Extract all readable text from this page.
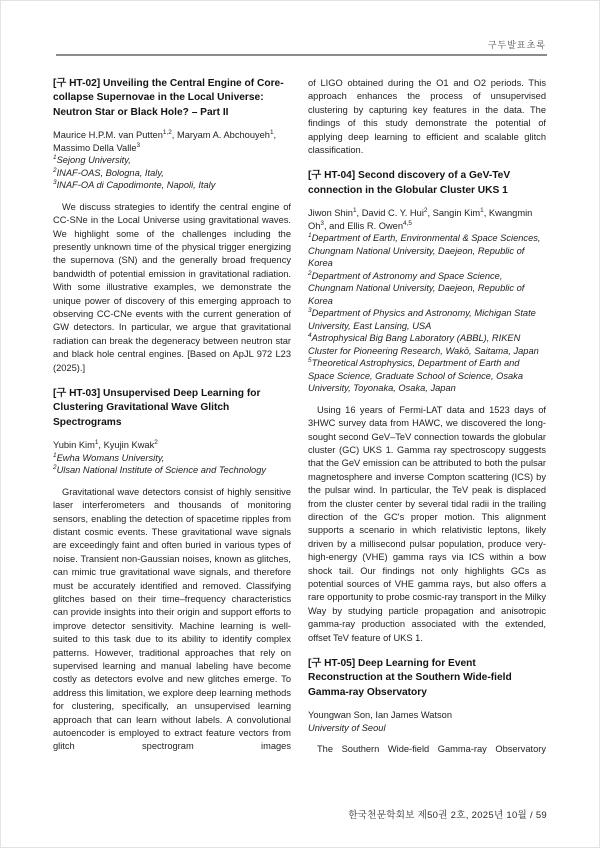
구두발표초록
[구 HT-02] Unveiling the Central Engine of Core-collapse Supernovae in the Local Universe: Neutron Star or Black Hole? – Part II
Maurice H.P.M. van Putten$^{1,2}$, Maryam A. Abchouyeh$^1$, Massimo Della Valle$^3$
$^1$Sejong University,
$^2$INAF-OAS, Bologna, Italy,
$^3$INAF-OA di Capodimonte, Napoli, Italy
We discuss strategies to identify the central engine of CC-SNe in the Local Universe using gravitational waves. We highlight some of the challenges including the presently unknown time of the physical trigger energizing the supernova (SN) and the generally broad frequency bandwidth of potential emission in gravitational radiation. With some illustrative examples, we demonstrate the unique power of discovery of this emerging approach to observing CC-CNe events with the current generation of GW detectors. In particular, we argue that gravitational radiation can break the degeneracy between neutron star and black hole central engines. [Based on ApJL 972 L23 (2025).]
[구 HT-03] Unsupervised Deep Learning for Clustering Gravitational Wave Glitch Spectrograms
Yubin Kim$^1$, Kyujin Kwak$^2$
$^1$Ewha Womans University,
$^2$Ulsan National Institute of Science and Technology
Gravitational wave detectors consist of highly sensitive laser interferometers and thousands of monitoring sensors, enabling the detection of spacetime ripples from distant cosmic events. These gravitational wave signals are exceedingly faint and often buried in various types of noise. Transient non-Gaussian noises, known as glitches, can mimic true gravitational wave signals, and therefore must be accurately identified and removed. Classifying glitches based on their time–frequency characteristics can provide insights into their origin and support efforts to improve detector sensitivity. Machine learning is well-suited to this task due to its ability to identify complex patterns. However, traditional approaches that rely on supervised learning and manual labeling have become costly as detectors evolve and new glitches emerge. To address this limitation, we explore deep learning methods for clustering, specifically, an unsupervised learning approach that can learn without labels. A convolutional autoencoder is employed to extract feature vectors from glitch spectrogram images
of LIGO obtained during the O1 and O2 periods. This approach enhances the process of unsupervised clustering by capturing key features in the data. The findings of this study demonstrate the potential of applying deep learning to efficient and scalable glitch classification.
[구 HT-04] Second discovery of a GeV-TeV connection in the Globular Cluster UKS 1
Jiwon Shin$^1$, David C. Y. Hui$^2$, Sangin Kim$^1$, Kwangmin Oh$^3$, and Ellis R. Owen$^{4,5}$
$^1$Department of Earth, Environmental & Space Sciences, Chungnam National University, Daejeon, Republic of Korea
$^2$Department of Astronomy and Space Science, Chungnam National University, Daejeon, Republic of Korea
$^3$Department of Physics and Astronomy, Michigan State University, East Lansing, USA
$^4$Astrophysical Big Bang Laboratory (ABBL), RIKEN Cluster for Pioneering Research, Wakō, Saitama, Japan
$^5$Theoretical Astrophysics, Department of Earth and Space Science, Graduate School of Science, Osaka University, Toyonaka, Osaka, Japan
Using 16 years of Fermi-LAT data and 1523 days of 3HWC survey data from HAWC, we discovered the long-sought second GeV–TeV connection towards the globular cluster (GC) UKS 1. Gamma ray spectroscopy suggests that the GeV emission can be attributed to both the pulsar magnetosphere and inverse Compton scattering (ICS) by the pulsar wind. In particular, the TeV peak is displaced from the cluster center by several tidal radii in the trailing direction of the GC's proper motion. This alignment supports a scenario in which relativistic leptons, likely driven by a millisecond pulsar population, produce very-high-energy (VHE) gamma rays via ICS within a bow shock tail. Our findings not only highlights GCs as potential sources of VHE gamma rays, but also offers a rare opportunity to probe cosmic-ray transport in the Milky Way by studying particle propagation and anisotropic gamma-ray production associated with the extended, offset TeV feature of UKS 1.
[구 HT-05] Deep Learning for Event Reconstruction at the Southern Wide-field Gamma-ray Observatory
Youngwan Son, Ian James Watson
University of Seoul
The Southern Wide-field Gamma-ray Observatory
한국천문학회보 제50권 2호, 2025년 10월 / 59
